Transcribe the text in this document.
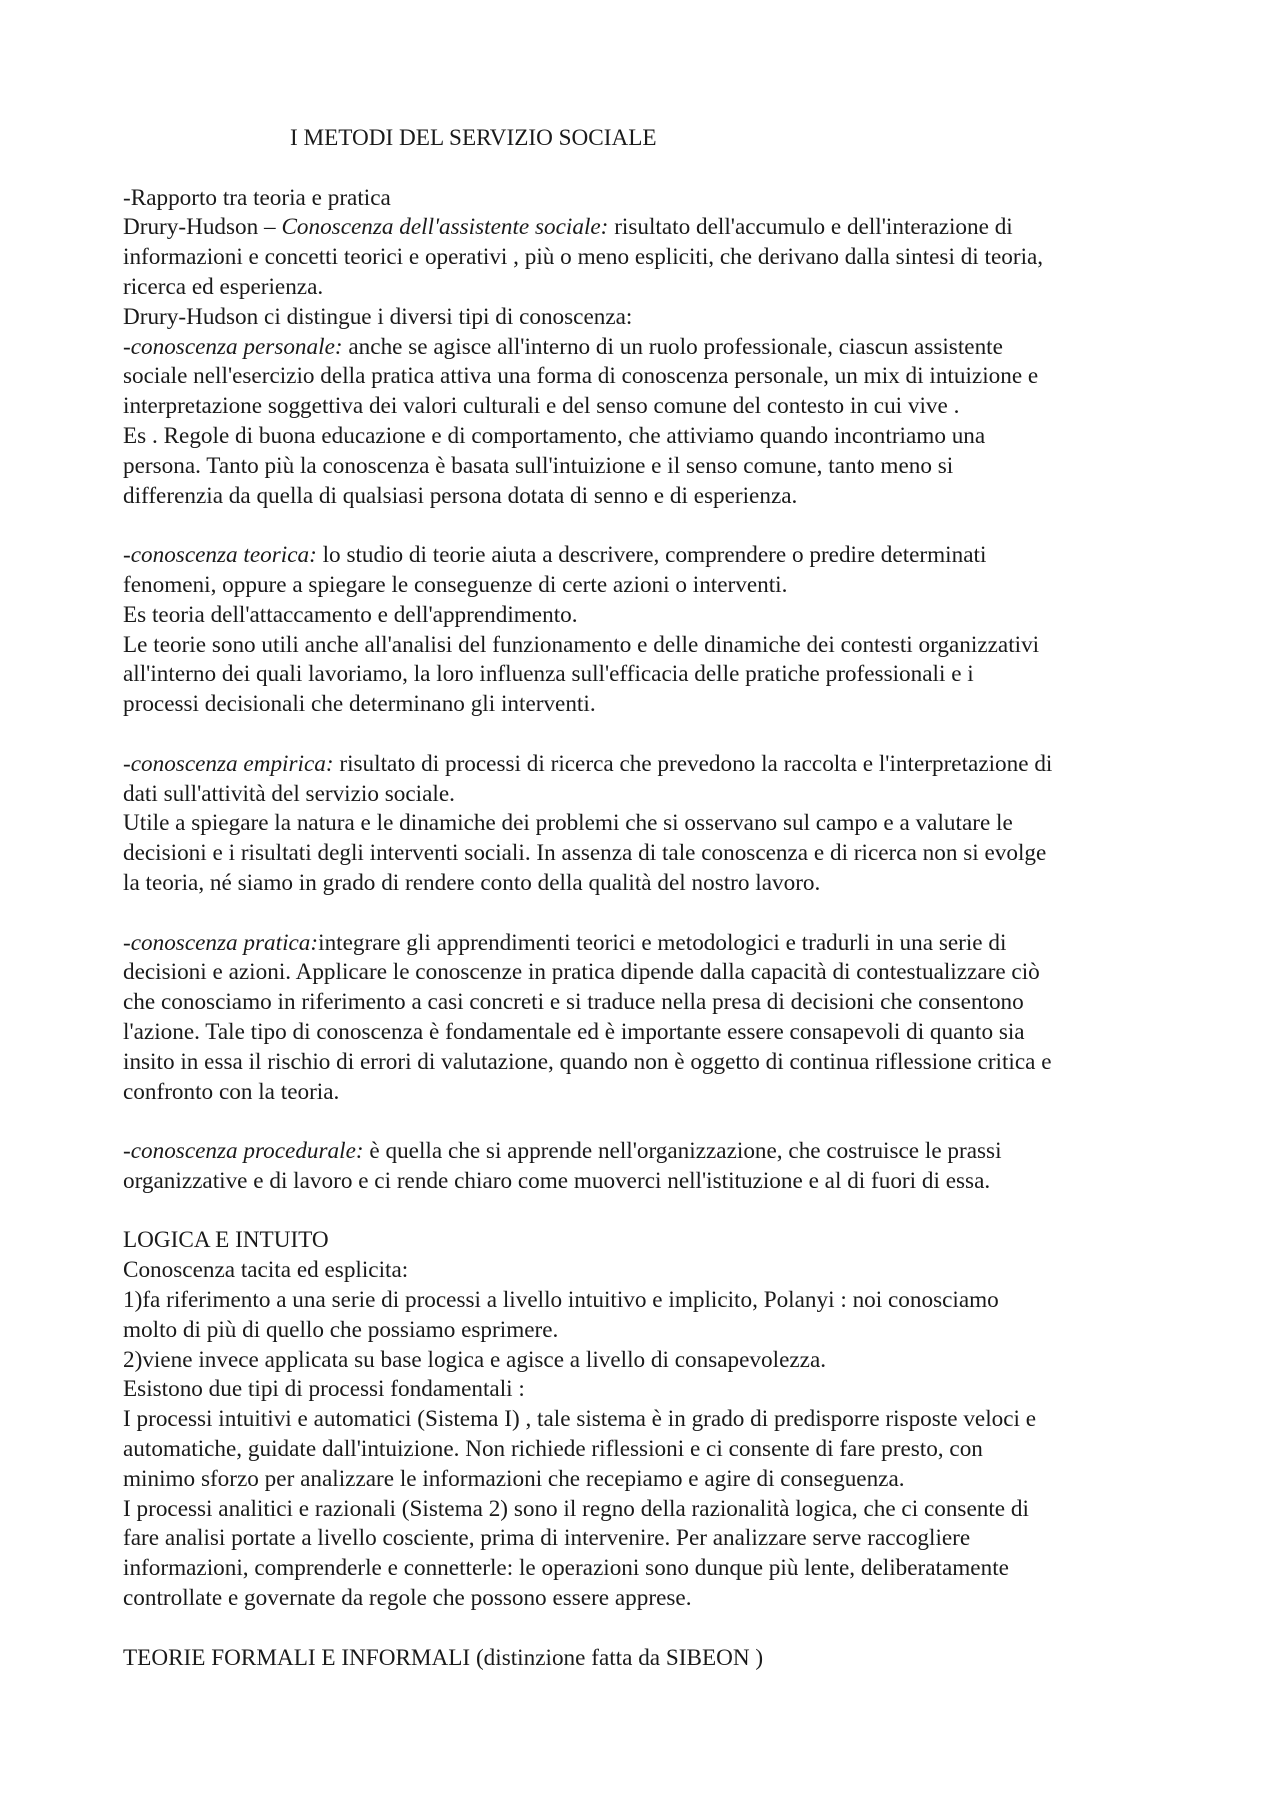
I METODI DEL SERVIZIO SOCIALE

-Rapporto tra teoria e pratica

Drury-Hudson – Conoscenza dell'assistente sociale: risultato dell'accumulo e dell'interazione di

informazioni e concetti teorici e operativi , più o meno espliciti, che derivano dalla sintesi di teoria,

ricerca ed esperienza.

Drury-Hudson ci distingue i diversi tipi di conoscenza:

-conoscenza personale: anche se agisce all'interno di un ruolo professionale, ciascun assistente

sociale nell'esercizio della pratica attiva una forma di conoscenza personale, un mix di intuizione e

interpretazione soggettiva dei valori culturali e del senso comune del contesto in cui vive .

Es . Regole di buona educazione e di comportamento, che attiviamo quando incontriamo una

persona. Tanto più la conoscenza è basata sull'intuizione e il senso comune, tanto meno si

differenzia da quella di qualsiasi persona dotata di senno e di esperienza.

-conoscenza teorica: lo studio di teorie aiuta a descrivere, comprendere o predire determinati

fenomeni, oppure a spiegare le conseguenze di certe azioni o interventi.

Es teoria dell'attaccamento e dell'apprendimento.

Le teorie sono utili anche all'analisi del funzionamento e delle dinamiche dei contesti organizzativi

all'interno dei quali lavoriamo, la loro influenza sull'efficacia delle pratiche professionali e i

processi decisionali che determinano gli interventi.

-conoscenza empirica: risultato di processi di ricerca che prevedono la raccolta e l'interpretazione di

dati sull'attività del servizio sociale.

Utile a spiegare la natura e le dinamiche dei problemi che si osservano sul campo e a valutare le

decisioni e i risultati degli interventi sociali. In assenza di tale conoscenza e di ricerca non si evolge

la teoria, né siamo in grado di rendere conto della qualità del nostro lavoro.

-conoscenza pratica:integrare gli apprendimenti teorici e metodologici e tradurli in una serie di

decisioni e azioni. Applicare le conoscenze in pratica dipende dalla capacità di contestualizzare ciò

che conosciamo in riferimento a casi concreti e si traduce nella presa di decisioni che consentono

l'azione. Tale tipo di conoscenza è fondamentale ed è importante essere consapevoli di quanto sia

insito in essa il rischio di errori di valutazione, quando non è oggetto di continua riflessione critica e

confronto con la teoria.

-conoscenza procedurale: è quella che si apprende nell'organizzazione, che costruisce le prassi

organizzative e di lavoro e ci rende chiaro come muoverci nell'istituzione e al di fuori di essa.

LOGICA E INTUITO

Conoscenza tacita ed esplicita:

1)fa riferimento a una serie di processi a livello intuitivo e implicito, Polanyi : noi conosciamo

molto di più di quello che possiamo esprimere.

2)viene invece applicata su base logica e agisce a livello di consapevolezza.

Esistono due tipi di processi fondamentali :

I processi intuitivi e automatici (Sistema I) , tale sistema è in grado di predisporre risposte veloci e

automatiche, guidate dall'intuizione. Non richiede riflessioni e ci consente di fare presto, con

minimo sforzo per analizzare le informazioni che recepiamo e agire di conseguenza.

I processi analitici e razionali (Sistema 2) sono il regno della razionalità logica, che ci consente di

fare analisi portate a livello cosciente, prima di intervenire. Per analizzare serve raccogliere

informazioni, comprenderle e connetterle: le operazioni sono dunque più lente, deliberatamente

controllate e governate da regole che possono essere apprese.

TEORIE FORMALI E INFORMALI (distinzione fatta da SIBEON )
